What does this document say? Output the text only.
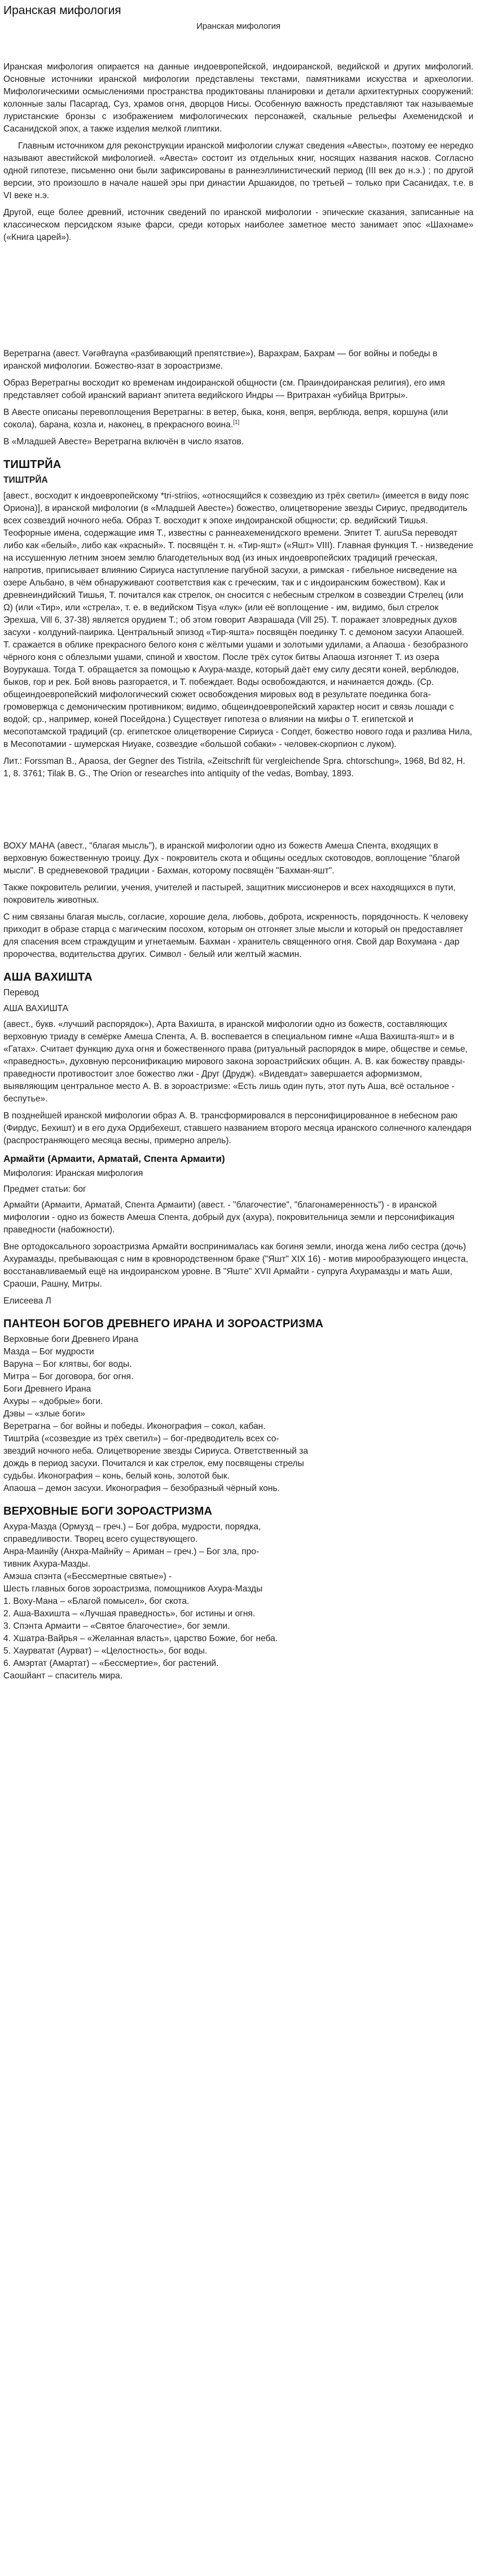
Иранская мифология
Иранская мифология

Иранская мифология опирается на данные индоевропейской, индоиранской, ведийской и других мифологий. Основные источники иранской мифологии представлены текстами, памятниками искусства и археологии. Мифологическими осмыслениями пространства продиктованы планировки и детали архитектурных сооружений: колонные залы Пасаргад, Суз, храмов огня, дворцов Нисы. Особенную важность представляют так называемые луристанские бронзы с изображением мифологических персонажей, скальные рельефы Ахеменидской и Сасанидской эпох, а также изделия мелкой глиптики.

Главным источником для реконструкции иранской мифологии служат сведения «Авесты», поэтому ее нередко называют авестийской мифологией. «Авеста» состоит из отдельных книг, носящих названия насков. Согласно одной гипотезе, письменно они были зафиксированы в раннеэллинистический период (III век до н.э.) ; по другой версии, это произошло в начале нашей эры при династии Аршакидов, по третьей – только при Сасанидах, т.е. в VI веке н.э.

Другой, еще более древний, источник сведений по иранской мифологии - эпические сказания, записанные на классическом персидском языке фарси, среди которых наиболее заметное место занимает эпос «Шахнаме» («Книга царей»).

Веретрагна (авест. Vərəθraγna «разбивающий препятствие»), Варахрам, Бахрам — бог войны и победы в иранской мифологии. Божество-язат в зороастризме.

Образ Веретрагны восходит ко временам индоиранской общности (см. Праиндоиранская религия), его имя представляет собой иранский вариант эпитета ведийского Индры — Вритрахан «убийца Вритры».

В Авесте описаны перевоплощения Веретрагны: в ветер, быка, коня, вепря, верблюда, вепря, коршуна (или сокола), барана, козла и, наконец, в прекрасного воина.[1]

В «Младшей Авесте» Веретрагна включён в число язатов.

ТИШТРЙА
ТИШТРЙА

[авест., восходит к индоевропейскому *tri-striios, «относящийся к созвездию из трёх светил» (имеется в виду пояс Ориона)], в иранской мифологии (в «Младшей Авесте») божество, олицетворение звезды Сириус, предводитель всех созвездий ночного неба. Образ Т. восходит к эпохе индоиранской общности; ср. ведийский Тишья. Теофорные имена, содержащие имя Т., известны с раннеахеменидского времени. Эпитет Т. auruSa переводят либо как «белый», либо как «красный». Т. посвящён т. н. «Тир-яшт» («Яшт» VIII). Главная функция Т. - низведение на иссушенную летним зноем землю благодетельных вод (из иных индоевропейских традиций греческая, напротив, приписывает влиянию Сириуса наступление пагубной засухи, а римская - гибельное нисведение на озере Альбано, в чём обнаруживают соответствия как с греческим, так и с индоиранским божеством). Как и древнеиндийский Тишья, Т. почитался как стрелок, он сносится с небесным стрелком в созвездии Стрелец (или Ω) (или «Тир», или «стрела», т. е. в ведийском Tiṣya «лук» (или её воплощение - им, видимо, был стрелок Эрехша, Vill 6, 37-38) является орудием Т.; об этом говорит Авзрашада (Vill 25). Т. поражает зловредных духов засухи - колдуний-паирика. Центральный эпизод «Тир-яшта» посвящён поединку Т. с демоном засухи Апаошей. Т. сражается в облике прекрасного белого коня с жёлтыми ушами и золотыми удилами, а Апаоша - безобразного чёрного коня с облезлыми ушами, спиной и хвостом. После трёх суток битвы Апаоша изгоняет Т. из озера Воурукаша. Тогда Т. обращается за помощью к Ахура-мазде, который даёт ему силу десяти коней, верблюдов, быков, гор и рек. Бой вновь разгорается, и Т. побеждает. Воды освобождаются, и начинается дождь. (Ср. общеиндоевропейский мифологический сюжет освобождения мировых вод в результате поединка бога-громовержца с демоническим противником; видимо, общеиндоевропейский характер носит и связь лошади с водой; ср., например, коней Посейдона.) Существует гипотеза о влиянии на мифы о Т. египетской и месопотамской традиций (ср. египетское олицетворение Сириуса - Сопдет, божество нового года и разлива Нила, в Месопотамии - шумерская Ниуаке, созвездие «большой собаки» - человек-скорпион с луком).

Лит.: Forssman B., Apaosa, der Gegner des Tistrila, «Zeitschrift für vergleichende Spra. chtorschung», 1968, Bd 82, H. 1, 8. 3761; Tilak B. G., The Orion or researches into antiquity of the vedas, Bombay, 1893.

ВОХУ МАНА (авест., "благая мысль"), в иранской мифологии одно из божеств Амеша Спента, входящих в верховную божественную троицу. Дух - покровитель скота и общины оседлых скотоводов, воплощение "благой мысли". В средневековой традиции - Бахман, которому посвящён "Бахман-яшт".

Также покровитель религии, учения, учителей и пастырей, защитник миссионеров и всех находящихся в пути, покровитель животных.

С ним связаны благая мысль, согласие, хорошие дела, любовь, доброта, искренность, порядочность. К человеку приходит в образе старца с магическим посохом, которым он отгоняет злые мысли и который он предоставляет для спасения всем страждущим и угнетаемым. Бахман - хранитель священного огня. Свой дар Вохумана - дар пророчества, водительства других. Символ - белый или желтый жасмин.

АША ВАХИШТА
Перевод
АША ВАХИШТА

(авест., букв. «лучший распорядок»), Арта Вахишта, в иранской мифологии одно из божеств, составляющих верховную триаду в семёрке Амеша Спента, А. В. воспевается в специальном гимне «Аша Вахишта-яшт» и в «Гатах». Считает функцию духа огня и божественного права (ритуальный распорядок в мире, обществе и семье, «праведность», духовную персонификацию мирового закона зороастрийских общин. А. В. как божеству правды-праведности противостоит злое божество лжи - Друг (Друдж). «Видевдат» завершается аформизмом, выявляющим центральное место А. В. в зороастризме: «Есть лишь один путь, этот путь Аша, всё остальное - беспутье».

В позднейшей иранской мифологии образ А. В. трансформировался в персонифицированное в небесном раю (Фирдус, Бехишт) и в его духа Ордибехешт, ставшего названием второго месяца иранского солнечного календаря (распространяющего месяца весны, примерно апрель).

Армайти (Армаити, Арматай, Спента Армаити)
Мифология: Иранская мифология
Предмет статьи: бог

Армайти (Армаити, Арматай, Спента Армаити) (авест. - "благочестие", "благонамеренность") - в иранской мифологии - одно из божеств Амеша Спента, добрый дух (ахура), покровительница земли и персонификация праведности (набожности).

Вне ортодоксального зороастризма Армайти воспринималась как богиня земли, иногда жена либо сестра (дочь) Ахурамазды, пребывающая с ним в кровнородственном браке ("Яшт" XIX 16) - мотив мирообразующего инцеста, восстанавливаемый ещё на индоиранском уровне. В "Яште" XVII Армайти - супруга Ахурамазды и мать Аши, Сраоши, Рашну, Митры.

Елисеева Л
ПАНТЕОН БОГОВ ДРЕВНЕГО ИРАНА И ЗОРОАСТРИЗМА
Верховные боги Древнего Ирана
Мазда – Бог мудрости
Варуна – Бог клятвы, бог воды.
Митра – Бог договора, бог огня.
Боги Древнего Ирана
Ахуры – «добрые» боги.
Дэвы – «злые боги»
Веретрагна – бог войны и победы. Иконография – сокол, кабан.
Тиштрйа («созвездие из трёх светил») – бог-предводитель всех со-
звездий ночного неба. Олицетворение звезды Сириуса. Ответственный за
дождь в период засухи. Почитался и как стрелок, ему посвящены стрелы
судьбы. Иконография – конь, белый конь, золотой бык.
Апаоша – демон засухи. Иконография – безобразный чёрный конь.
ВЕРХОВНЫЕ БОГИ ЗОРОАСТРИЗМА
Ахура-Мазда (Ормузд – греч.) – Бог добра, мудрости, порядка,
справедливости. Творец всего существующего.
Анра-Маинйу (Анхра-Майнйу – Ариман – греч.) – Бог зла, про-
тивник Ахура-Мазды.
Амэша спэнта («Бессмертные святые») -
Шесть главных богов зороастризма, помощников Ахура-Мазды
1. Вохy-Мана – «Благой помысел», бог скота.
2. Аша-Вахишта – «Лучшая праведность», бог истины и огня.
3. Спэнта Армаити – «Святое благочестие», бог земли.
4. Хшатра-Вайрья – «Желанная власть», царство Божие, бог неба.
5. Хаурватат (Аурват) – «Целостность», бог воды.
6. Амэртат (Амартат) – «Бессмертие», бог растений.
Саошйант – спаситель мира.
